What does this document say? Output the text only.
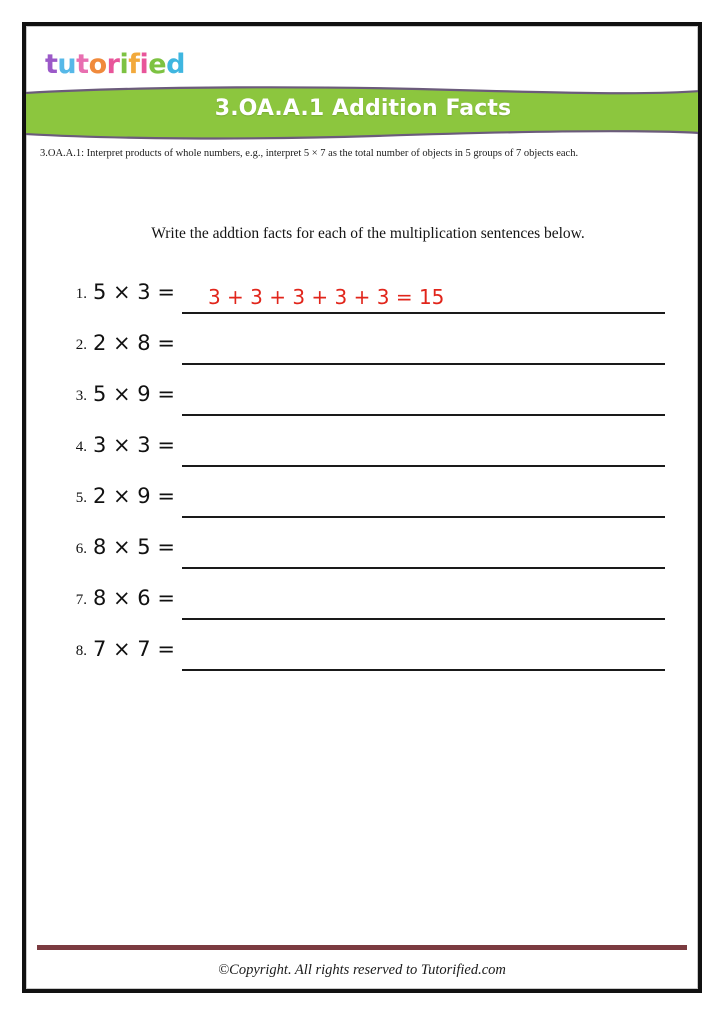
tutorified
3.OA.A.1 Addition Facts
3.OA.A.1: Interpret products of whole numbers, e.g., interpret 5 × 7 as the total number of objects in 5 groups of 7 objects each.
Write the addtion facts for each of the multiplication sentences below.
1. 5 × 3 = 3 + 3 + 3 + 3 + 3 = 15
2. 2 × 8 =
3. 5 × 9 =
4. 3 × 3 =
5. 2 × 9 =
6. 8 × 5 =
7. 8 × 6 =
8. 7 × 7 =
©Copyright. All rights reserved to Tutorified.com
